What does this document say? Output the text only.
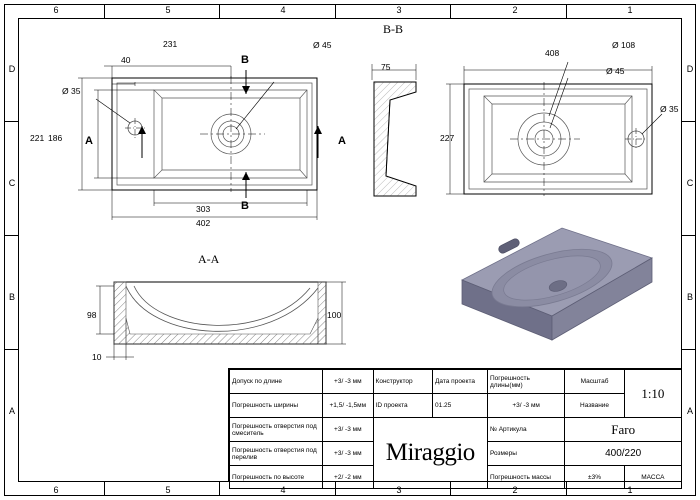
6	5	4	3	2	1
6	5	4	3	2	1
D
C
B
A
D
C
B
A
231
40
Ø 35
Ø 45
221 186
303
402
A	A
B
B
B-B
75
408
Ø 108
Ø 45
Ø 35
227
A-A
98	100
10
Допуск по длине	+3/ -3 мм	Конструктор	Дата проекта	Погрешность длины(мм)	Масштаб	1:10
Погрешность ширины	+1,5/ -1,5мм	ID проекта	01.25	+3/ -3 мм	Название	
Погрешность отверстия под смеситель	+3/ -3 мм	Miraggio		№ Артикула	Faro	
Погрешность отверстия под перелив	+3/ -3 мм			Розмеры	400/220	
Погрешность по высоте	+2/ -2 мм			Погрешность массы	±3%	МАССА
